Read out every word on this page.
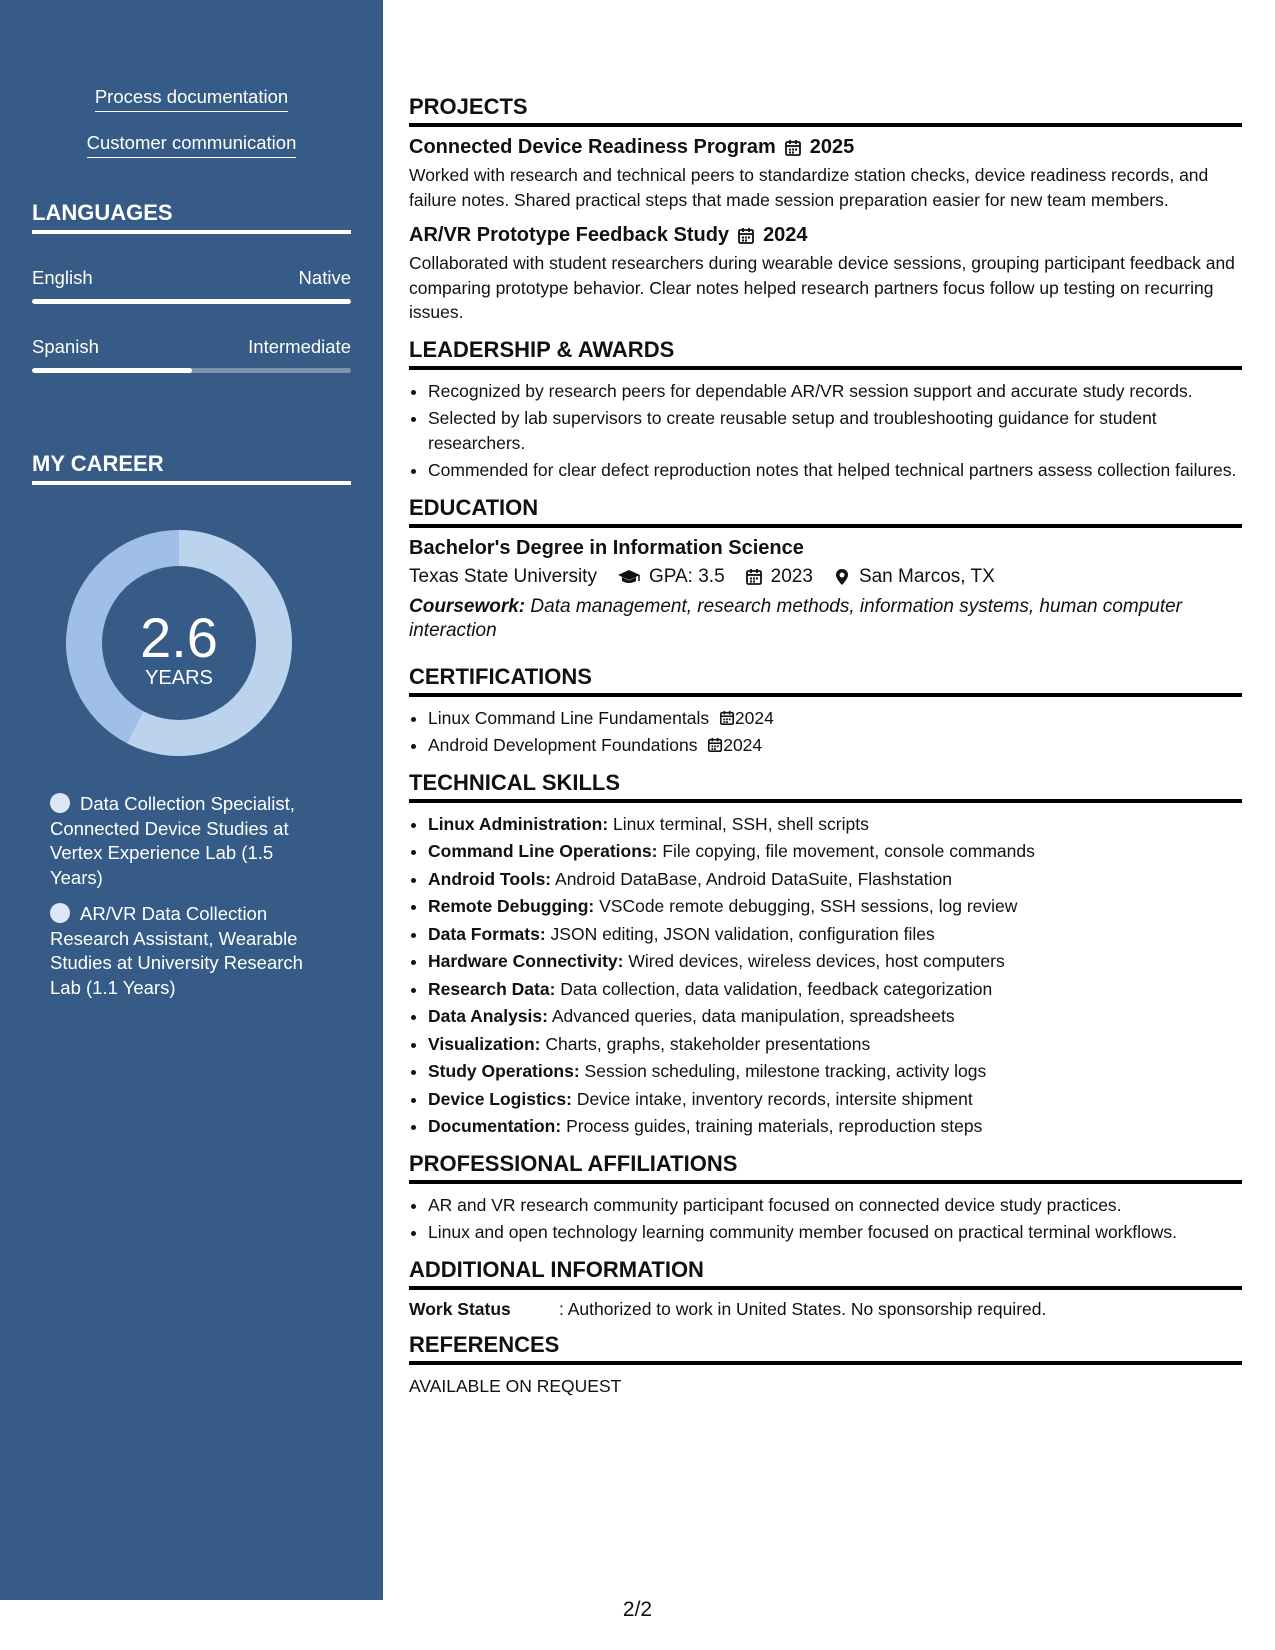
Process documentation
Customer communication
LANGUAGES
English	Native
Spanish	Intermediate
MY CAREER
2.6
YEARS
Data Collection Specialist, Connected Device Studies at Vertex Experience Lab (1.5 Years)
AR/VR Data Collection Research Assistant, Wearable Studies at University Research Lab (1.1 Years)
PROJECTS
Connected Device Readiness Program 2025
Worked with research and technical peers to standardize station checks, device readiness records, and failure notes. Shared practical steps that made session preparation easier for new team members.
AR/VR Prototype Feedback Study 2024
Collaborated with student researchers during wearable device sessions, grouping participant feedback and comparing prototype behavior. Clear notes helped research partners focus follow up testing on recurring issues.
LEADERSHIP & AWARDS
• Recognized by research peers for dependable AR/VR session support and accurate study records.
• Selected by lab supervisors to create reusable setup and troubleshooting guidance for student researchers.
• Commended for clear defect reproduction notes that helped technical partners assess collection failures.
EDUCATION
Bachelor's Degree in Information Science
Texas State University	GPA: 3.5 2023 San Marcos, TX
Coursework: Data management, research methods, information systems, human computer interaction
CERTIFICATIONS
• Linux Command Line Fundamentals 2024
• Android Development Foundations 2024
TECHNICAL SKILLS
• Linux Administration: Linux terminal, SSH, shell scripts
• Command Line Operations: File copying, file movement, console commands
• Android Tools: Android DataBase, Android DataSuite, Flashstation
• Remote Debugging: VSCode remote debugging, SSH sessions, log review
• Data Formats: JSON editing, JSON validation, configuration files
• Hardware Connectivity: Wired devices, wireless devices, host computers
• Research Data: Data collection, data validation, feedback categorization
• Data Analysis: Advanced queries, data manipulation, spreadsheets
• Visualization: Charts, graphs, stakeholder presentations
• Study Operations: Session scheduling, milestone tracking, activity logs
• Device Logistics: Device intake, inventory records, intersite shipment
• Documentation: Process guides, training materials, reproduction steps
PROFESSIONAL AFFILIATIONS
• AR and VR research community participant focused on connected device study practices.
• Linux and open technology learning community member focused on practical terminal workflows.
ADDITIONAL INFORMATION
Work Status	: Authorized to work in United States. No sponsorship required.
REFERENCES
AVAILABLE ON REQUEST
2/2
